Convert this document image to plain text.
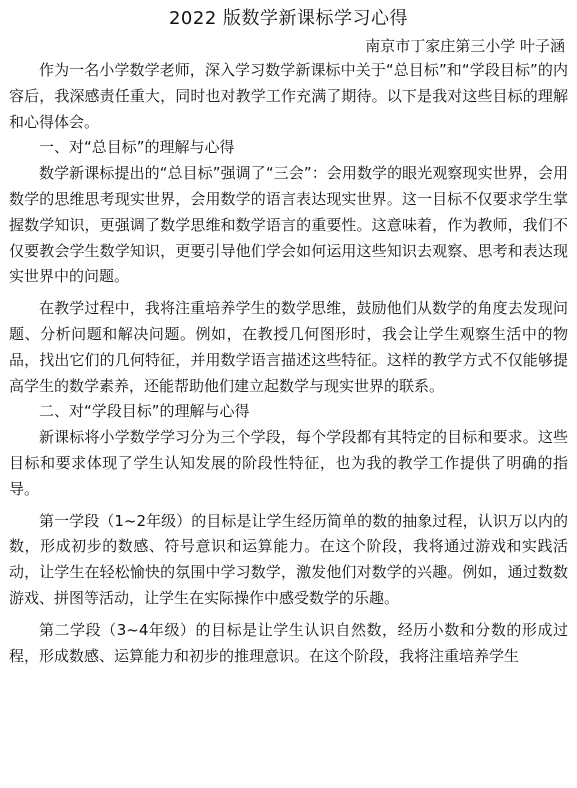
2022 版数学新课标学习心得
南京市丁家庄第三小学 叶子涵

作为一名小学数学老师，深入学习数学新课标中关于“总目标”和“学段目标”的内容后，我深感责任重大，同时也对教学工作充满了期待。以下是我对这些目标的理解和心得体会。

一、对“总目标”的理解与心得

数学新课标提出的“总目标”强调了“三会”：会用数学的眼光观察现实世界，会用数学的思维思考现实世界，会用数学的语言表达现实世界。这一目标不仅要求学生掌握数学知识，更强调了数学思维和数学语言的重要性。这意味着，作为教师，我们不仅要教会学生数学知识，更要引导他们学会如何运用这些知识去观察、思考和表达现实世界中的问题。

在教学过程中，我将注重培养学生的数学思维，鼓励他们从数学的角度去发现问题、分析问题和解决问题。例如，在教授几何图形时，我会让学生观察生活中的物品，找出它们的几何特征，并用数学语言描述这些特征。这样的教学方式不仅能够提高学生的数学素养，还能帮助他们建立起数学与现实世界的联系。

二、对“学段目标”的理解与心得

新课标将小学数学学习分为三个学段，每个学段都有其特定的目标和要求。这些目标和要求体现了学生认知发展的阶段性特征，也为我的教学工作提供了明确的指导。

第一学段（1~2年级）的目标是让学生经历简单的数的抽象过程，认识万以内的数，形成初步的数感、符号意识和运算能力。在这个阶段，我将通过游戏和实践活动，让学生在轻松愉快的氛围中学习数学，激发他们对数学的兴趣。例如，通过数数游戏、拼图等活动，让学生在实际操作中感受数学的乐趣。

第二学段（3~4年级）的目标是让学生认识自然数，经历小数和分数的形成过程，形成数感、运算能力和初步的推理意识。在这个阶段，我将注重培养学生
